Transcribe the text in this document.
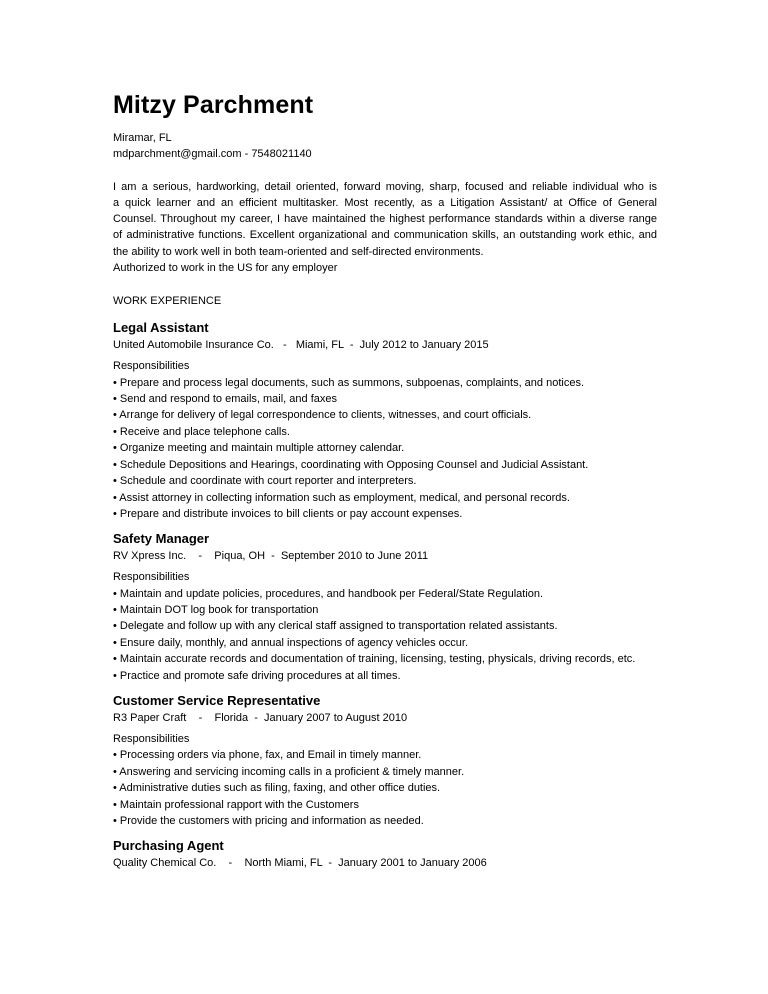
Mitzy Parchment
Miramar, FL
mdparchment@gmail.com - 7548021140
I am a serious, hardworking, detail oriented, forward moving, sharp, focused and reliable individual who is
a quick learner and an efficient multitasker. Most recently, as a Litigation Assistant/ at Office of General
Counsel. Throughout my career, I have maintained the highest performance standards within a diverse range
of administrative functions. Excellent organizational and communication skills, an outstanding work ethic, and
the ability to work well in both team-oriented and self-directed environments.
Authorized to work in the US for any employer
WORK EXPERIENCE
Legal Assistant
United Automobile Insurance Co.   -   Miami, FL  -  July 2012 to January 2015
Responsibilities
• Prepare and process legal documents, such as summons, subpoenas, complaints, and notices.
• Send and respond to emails, mail, and faxes
• Arrange for delivery of legal correspondence to clients, witnesses, and court officials.
• Receive and place telephone calls.
• Organize meeting and maintain multiple attorney calendar.
• Schedule Depositions and Hearings, coordinating with Opposing Counsel and Judicial Assistant.
• Schedule and coordinate with court reporter and interpreters.
• Assist attorney in collecting information such as employment, medical, and personal records.
• Prepare and distribute invoices to bill clients or pay account expenses.
Safety Manager
RV Xpress Inc.    -    Piqua, OH  -  September 2010 to June 2011
Responsibilities
• Maintain and update policies, procedures, and handbook per Federal/State Regulation.
• Maintain DOT log book for transportation
• Delegate and follow up with any clerical staff assigned to transportation related assistants.
• Ensure daily, monthly, and annual inspections of agency vehicles occur.
• Maintain accurate records and documentation of training, licensing, testing, physicals, driving records, etc.
• Practice and promote safe driving procedures at all times.
Customer Service Representative
R3 Paper Craft    -    Florida  -  January 2007 to August 2010
Responsibilities
• Processing orders via phone, fax, and Email in timely manner.
• Answering and servicing incoming calls in a proficient & timely manner.
• Administrative duties such as filing, faxing, and other office duties.
• Maintain professional rapport with the Customers
• Provide the customers with pricing and information as needed.
Purchasing Agent
Quality Chemical Co.    -    North Miami, FL  -  January 2001 to January 2006
